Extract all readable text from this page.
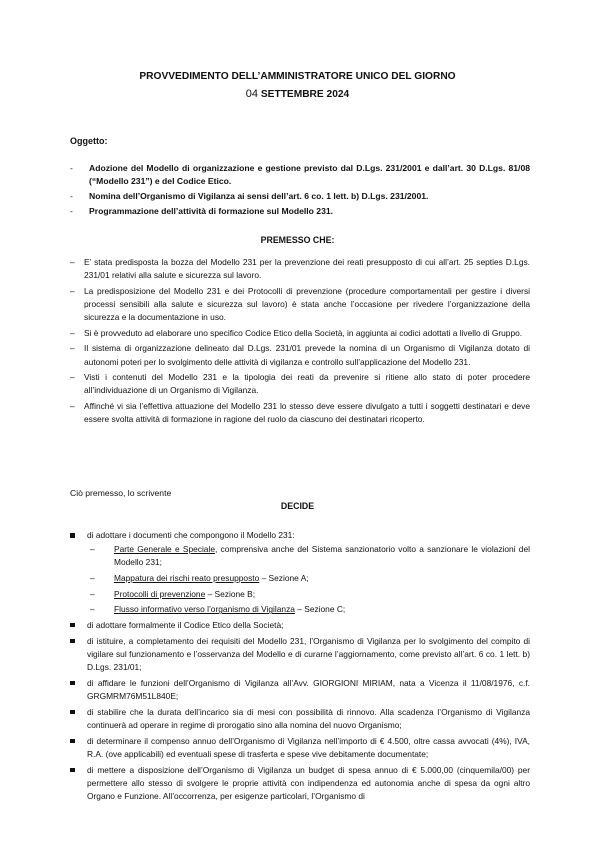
PROVVEDIMENTO DELL’AMMINISTRATORE UNICO DEL GIORNO
04 SETTEMBRE 2024
Oggetto:
- Adozione del Modello di organizzazione e gestione previsto dal D.Lgs. 231/2001 e dall’art. 30 D.Lgs. 81/08 (“Modello 231”) e del Codice Etico.
- Nomina dell’Organismo di Vigilanza ai sensi dell’art. 6 co. 1 lett. b) D.Lgs. 231/2001.
- Programmazione dell’attività di formazione sul Modello 231.
PREMESSO CHE:
– E’ stata predisposta la bozza del Modello 231 per la prevenzione dei reati presupposto di cui all’art. 25 septies D.Lgs. 231/01 relativi alla salute e sicurezza sul lavoro.
– La predisposizione del Modello 231 e dei Protocolli di prevenzione (procedure comportamentali per gestire i diversi processi sensibili alla salute e sicurezza sul lavoro) è stata anche l’occasione per rivedere l’organizzazione della sicurezza e la documentazione in uso.
– Si è provveduto ad elaborare uno specifico Codice Etico della Società, in aggiunta ai codici adottati a livello di Gruppo.
– Il sistema di organizzazione delineato dal D.Lgs. 231/01 prevede la nomina di un Organismo di Vigilanza dotato di autonomi poteri per lo svolgimento delle attività di vigilanza e controllo sull’applicazione del Modello 231.
– Visti i contenuti del Modello 231 e la tipologia dei reati da prevenire si ritiene allo stato di poter procedere all’individuazione di un Organismo di Vigilanza.
– Affinché vi sia l’effettiva attuazione del Modello 231 lo stesso deve essere divulgato a tutti i soggetti destinatari e deve essere svolta attività di formazione in ragione del ruolo da ciascuno dei destinatari ricoperto.
Ciò premesso, lo scrivente
DECIDE
di adottare i documenti che compongono il Modello 231:
– Parte Generale e Speciale, comprensiva anche del Sistema sanzionatorio volto a sanzionare le violazioni del Modello 231;
– Mappatura dei rischi reato presupposto – Sezione A;
– Protocolli di prevenzione – Sezione B;
– Flusso informativo verso l’organismo di Vigilanza – Sezione C;
di adottare formalmente il Codice Etico della Società;
di istituire, a completamento dei requisiti del Modello 231, l’Organismo di Vigilanza per lo svolgimento del compito di vigilare sul funzionamento e l’osservanza del Modello e di curarne l’aggiornamento, come previsto all’art. 6 co. 1 lett. b) D.Lgs. 231/01;
di affidare le funzioni dell’Organismo di Vigilanza all’Avv. GIORGIONI MIRIAM, nata a Vicenza il 11/08/1976, c.f. GRGMRM76M51L840E;
di stabilire che la durata dell’incarico sia di mesi con possibilità di rinnovo. Alla scadenza l’Organismo di Vigilanza continuerà ad operare in regime di prorogatio sino alla nomina del nuovo Organismo;
di determinare il compenso annuo dell’Organismo di Vigilanza nell’importo di € 4.500, oltre cassa avvocati (4%), IVA, R.A. (ove applicabili) ed eventuali spese di trasferta e spese vive debitamente documentate;
di mettere a disposizione dell’Organismo di Vigilanza un budget di spesa annuo di € 5.000,00 (cinquemila/00) per permettere allo stesso di svolgere le proprie attività con indipendenza ed autonomia anche di spesa da ogni altro Organo e Funzione. All’occorrenza, per esigenze particolari, l’Organismo di
